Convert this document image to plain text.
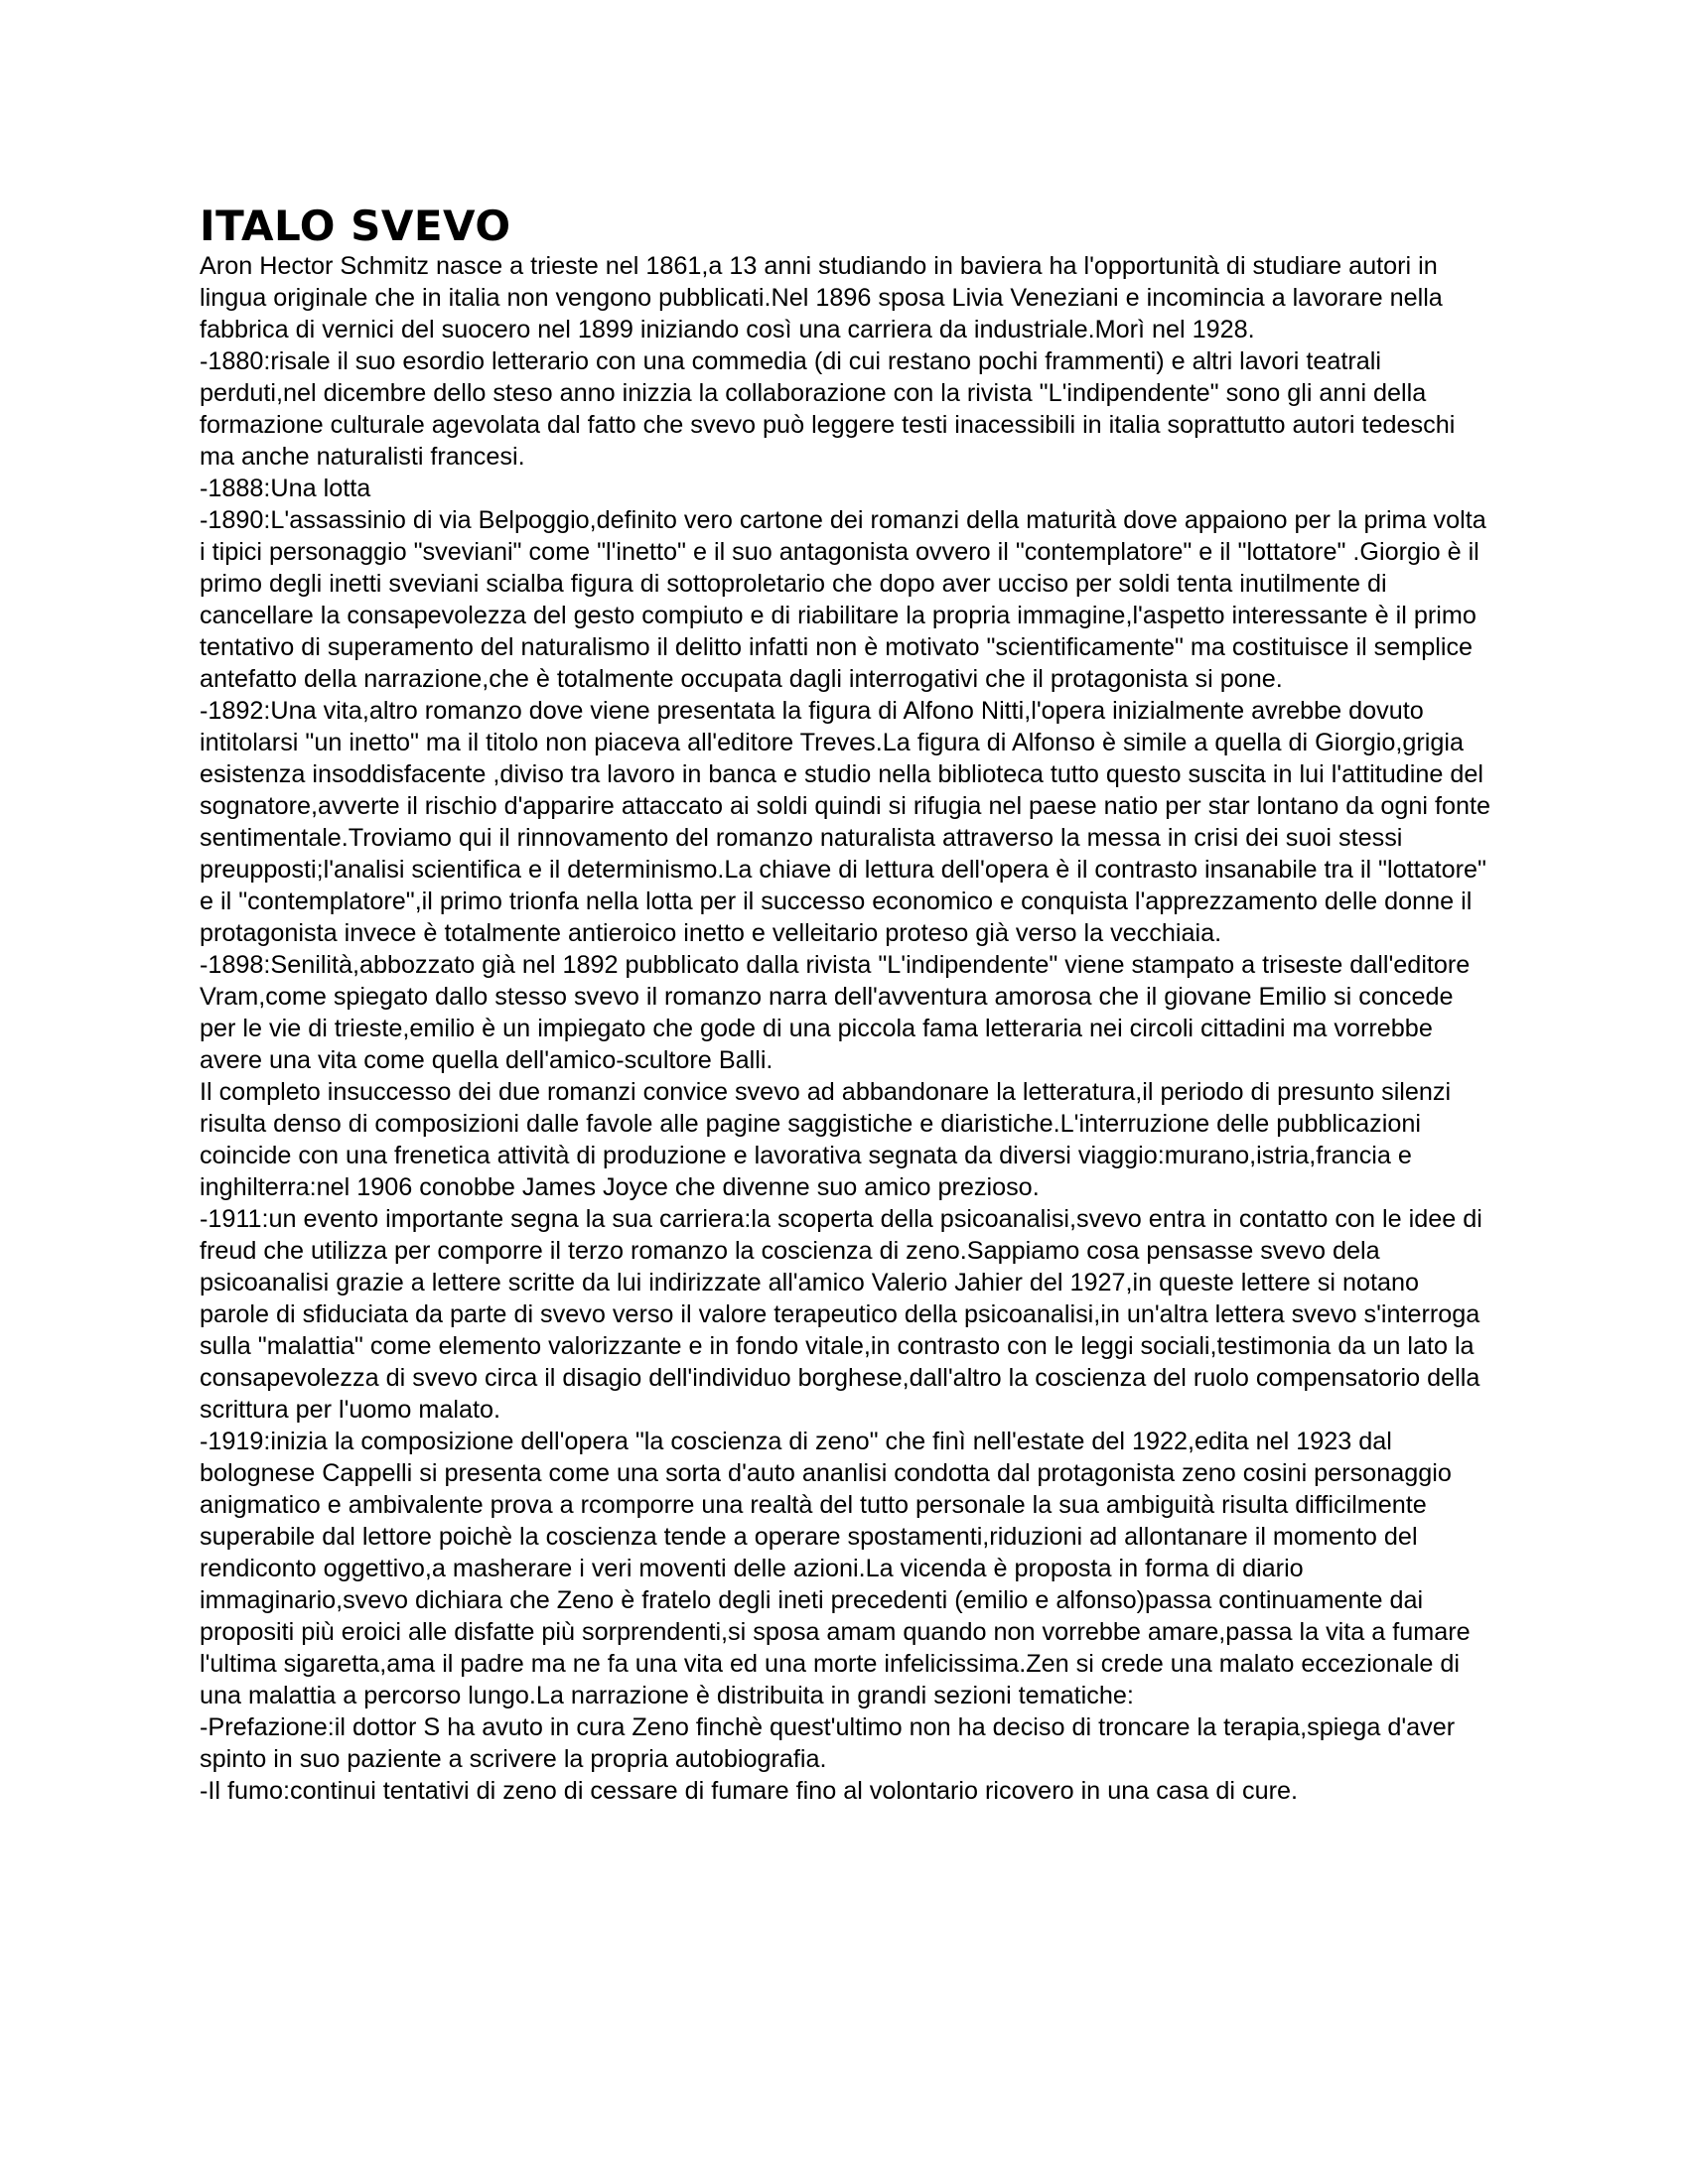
ITALO SVEVO

Aron Hector Schmitz nasce a trieste nel 1861,a 13 anni studiando in baviera ha l'opportunità di studiare autori in lingua originale che in italia non vengono pubblicati.Nel 1896 sposa Livia Veneziani e incomincia a lavorare nella fabbrica di vernici del suocero nel 1899 iniziando così una carriera da industriale.Morì nel 1928.

-1880:risale il suo esordio letterario con una commedia (di cui restano pochi frammenti) e altri lavori teatrali perduti,nel dicembre dello steso anno inizzia la collaborazione con la rivista "L'indipendente" sono gli anni della formazione culturale agevolata dal fatto che svevo può leggere testi inacessibili in italia soprattutto autori tedeschi ma anche naturalisti francesi.

-1888:Una lotta

-1890:L'assassinio di via Belpoggio,definito vero cartone dei romanzi della maturità dove appaiono per la prima volta i tipici personaggio "sveviani" come "l'inetto" e il suo antagonista ovvero il "contemplatore" e il "lottatore" .Giorgio è il primo degli inetti sveviani scialba figura di sottoproletario che dopo aver ucciso per soldi tenta inutilmente di cancellare la consapevolezza del gesto compiuto e di riabilitare la propria immagine,l'aspetto interessante è il primo tentativo di superamento del naturalismo il delitto infatti non è motivato "scientificamente" ma costituisce il semplice antefatto della narrazione,che è totalmente occupata dagli interrogativi che il protagonista si pone.

-1892:Una vita,altro romanzo dove viene presentata la figura di Alfono Nitti,l'opera inizialmente avrebbe dovuto intitolarsi "un inetto" ma il titolo non piaceva all'editore Treves.La figura di Alfonso è simile a quella di Giorgio,grigia esistenza insoddisfacente ,diviso tra lavoro in banca e studio nella biblioteca tutto questo suscita in lui l'attitudine del sognatore,avverte il rischio d'apparire attaccato ai soldi quindi si rifugia nel paese natio per star lontano da ogni fonte sentimentale.Troviamo qui il rinnovamento del romanzo naturalista attraverso la messa in crisi dei suoi stessi preupposti;l'analisi scientifica e il determinismo.La chiave di lettura dell'opera è il contrasto insanabile tra il "lottatore" e il "contemplatore",il primo trionfa nella lotta per il successo economico e conquista l'apprezzamento delle donne il protagonista invece è totalmente antieroico inetto e velleitario proteso già verso la vecchiaia.

-1898:Senilità,abbozzato già nel 1892 pubblicato dalla rivista "L'indipendente" viene stampato a triseste dall'editore Vram,come spiegato dallo stesso svevo il romanzo narra dell'avventura amorosa che il giovane Emilio si concede per le vie di trieste,emilio è un impiegato che gode di una piccola fama letteraria nei circoli cittadini ma vorrebbe avere una vita come quella dell'amico-scultore Balli.

Il completo insuccesso dei due romanzi convice svevo ad abbandonare la letteratura,il periodo di presunto silenzi risulta denso di composizioni dalle favole alle pagine saggistiche e diaristiche.L'interruzione delle pubblicazioni coincide con una frenetica attività di produzione e lavorativa segnata da diversi viaggio:murano,istria,francia e inghilterra:nel 1906 conobbe James Joyce che divenne suo amico prezioso.

-1911:un evento importante segna la sua carriera:la scoperta della psicoanalisi,svevo entra in contatto con le idee di freud che utilizza per comporre il terzo romanzo la coscienza di zeno.Sappiamo cosa pensasse svevo dela psicoanalisi grazie a lettere scritte da lui indirizzate all'amico Valerio Jahier del 1927,in queste lettere si notano parole di sfiduciata da parte di svevo verso il valore terapeutico della psicoanalisi,in un'altra lettera svevo s'interroga sulla "malattia" come elemento valorizzante e in fondo vitale,in contrasto con le leggi sociali,testimonia da un lato la consapevolezza di svevo circa il disagio dell'individuo borghese,dall'altro la coscienza del ruolo compensatorio della scrittura per l'uomo malato.

-1919:inizia la composizione dell'opera "la coscienza di zeno" che finì nell'estate del 1922,edita nel 1923 dal bolognese Cappelli si presenta come una sorta d'auto ananlisi condotta dal protagonista zeno cosini personaggio anigmatico e ambivalente prova a rcomporre una realtà del tutto personale la sua ambiguità risulta difficilmente superabile dal lettore poichè la coscienza tende a operare spostamenti,riduzioni ad allontanare il momento del rendiconto oggettivo,a masherare i veri moventi delle azioni.La vicenda è proposta in forma di diario immaginario,svevo dichiara che Zeno è fratelo degli ineti precedenti (emilio e alfonso)passa continuamente dai propositi più eroici alle disfatte più sorprendenti,si sposa amam quando non vorrebbe amare,passa la vita a fumare l'ultima sigaretta,ama il padre ma ne fa una vita ed una morte infelicissima.Zen si crede una malato eccezionale di una malattia a percorso lungo.La narrazione è distribuita in grandi sezioni tematiche:

-Prefazione:il dottor S ha avuto in cura Zeno finchè quest'ultimo non ha deciso di troncare la terapia,spiega d'aver spinto in suo paziente a scrivere la propria autobiografia.

-Il fumo:continui tentativi di zeno di cessare di fumare fino al volontario ricovero in una casa di cure.
